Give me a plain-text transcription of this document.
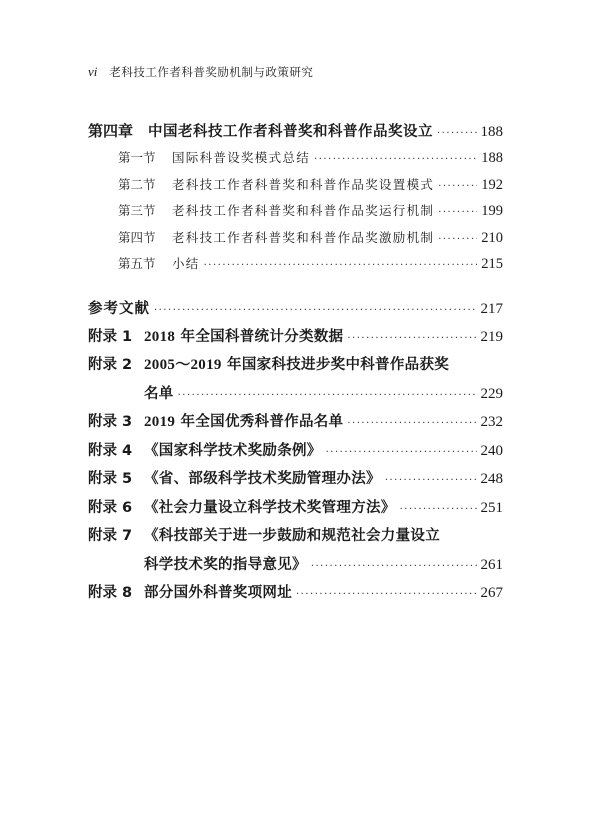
vi 老科技工作者科普奖励机制与政策研究
第四章	中国老科技工作者科普奖和科普作品奖设立 ·····	188
第一节	国际科普设奖模式总结 ·····	188
第二节	老科技工作者科普奖和科普作品奖设置模式 ·····	192
第三节	老科技工作者科普奖和科普作品奖运行机制 ·····	199
第四节	老科技工作者科普奖和科普作品奖激励机制 ·····	210
第五节	小结 ·····	215
参考文献 ·····	217
附录 1 2018 年全国科普统计分类数据 ·····	219
附录 2 2005～2019 年国家科技进步奖中科普作品获奖
名单 ·····	229
附录 3 2019 年全国优秀科普作品名单 ·····	232
附录 4 《国家科学技术奖励条例》 ·····	240
附录 5 《省、部级科学技术奖励管理办法》 ·····	248
附录 6 《社会力量设立科学技术奖管理方法》 ·····	251
附录 7 《科技部关于进一步鼓励和规范社会力量设立
科学技术奖的指导意见》 ·····	261
附录 8 部分国外科普奖项网址 ·····	267
